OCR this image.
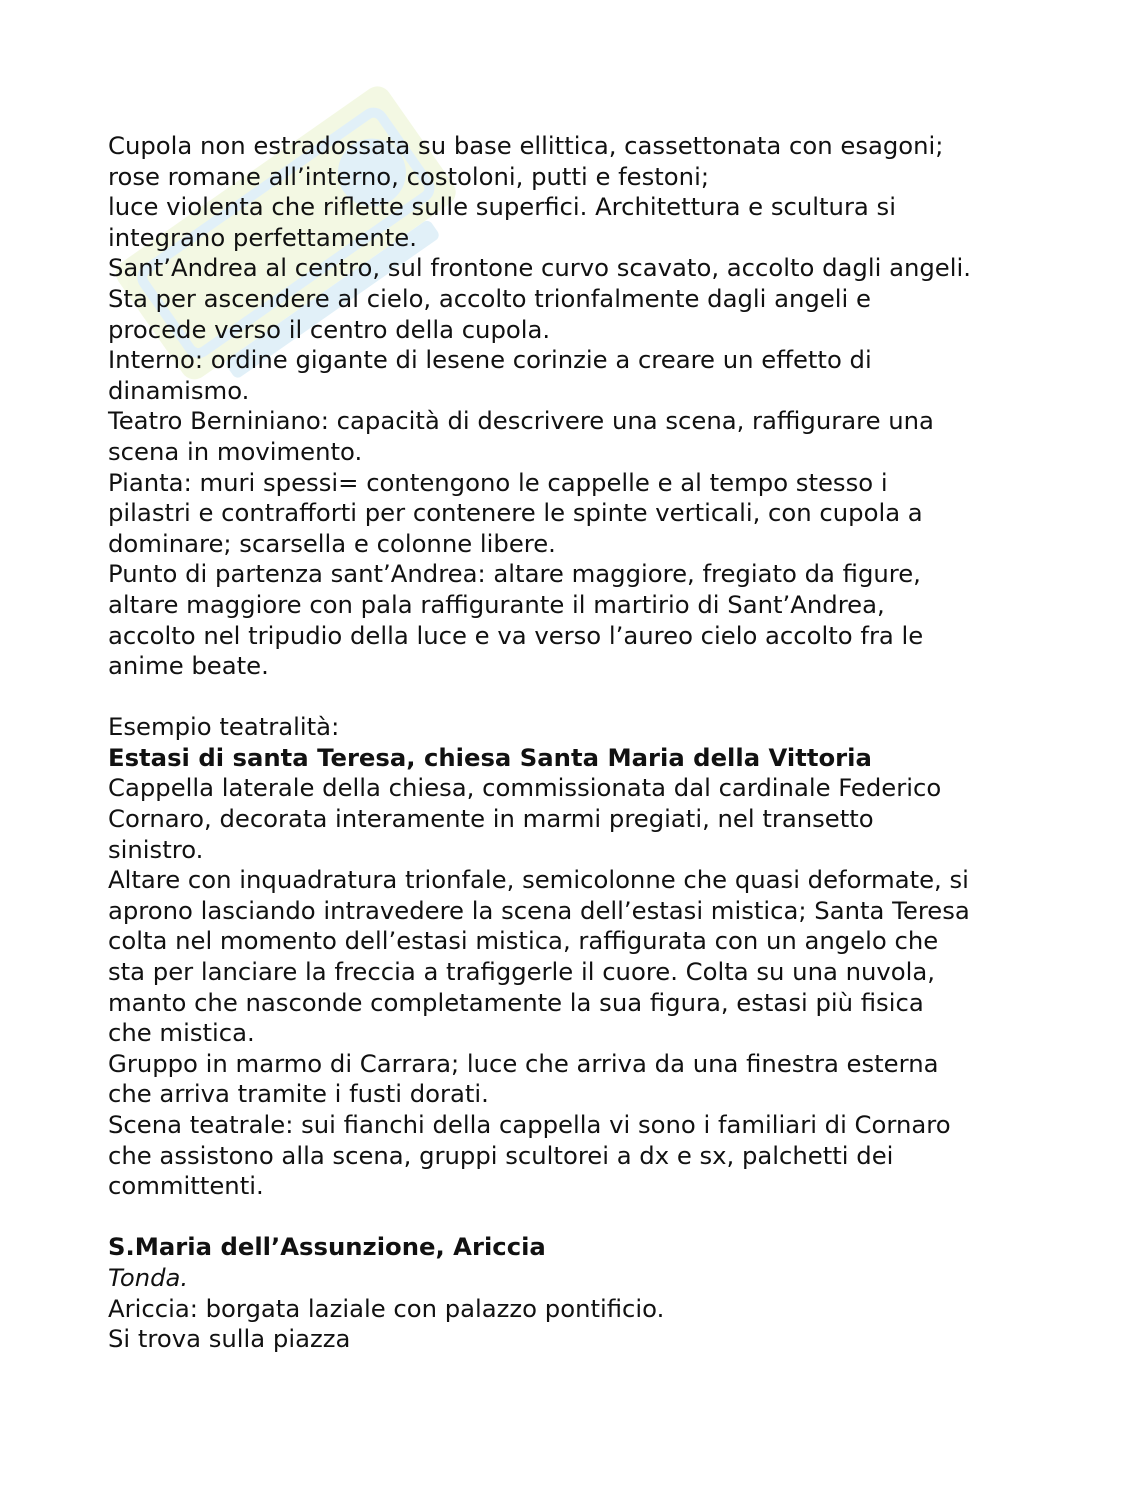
Cupola non estradossata su base ellittica, cassettonata con esagoni;
rose romane all’interno, costoloni, putti e festoni;
luce violenta che riflette sulle superfici. Architettura e scultura si
integrano perfettamente.
Sant’Andrea al centro, sul frontone curvo scavato, accolto dagli angeli.
Sta per ascendere al cielo, accolto trionfalmente dagli angeli e
procede verso il centro della cupola.
Interno: ordine gigante di lesene corinzie a creare un effetto di
dinamismo.
Teatro Berniniano: capacità di descrivere una scena, raffigurare una
scena in movimento.
Pianta: muri spessi= contengono le cappelle e al tempo stesso i
pilastri e contrafforti per contenere le spinte verticali, con cupola a
dominare; scarsella e colonne libere.
Punto di partenza sant’Andrea: altare maggiore, fregiato da figure,
altare maggiore con pala raffigurante il martirio di Sant’Andrea,
accolto nel tripudio della luce e va verso l’aureo cielo accolto fra le
anime beate.
Esempio teatralità:
Estasi di santa Teresa, chiesa Santa Maria della Vittoria
Cappella laterale della chiesa, commissionata dal cardinale Federico
Cornaro, decorata interamente in marmi pregiati, nel transetto
sinistro.
Altare con inquadratura trionfale, semicolonne che quasi deformate, si
aprono lasciando intravedere la scena dell’estasi mistica; Santa Teresa
colta nel momento dell’estasi mistica, raffigurata con un angelo che
sta per lanciare la freccia a trafiggerle il cuore. Colta su una nuvola,
manto che nasconde completamente la sua figura, estasi più fisica
che mistica.
Gruppo in marmo di Carrara; luce che arriva da una finestra esterna
che arriva tramite i fusti dorati.
Scena teatrale: sui fianchi della cappella vi sono i familiari di Cornaro
che assistono alla scena, gruppi scultorei a dx e sx, palchetti dei
committenti.
S.Maria dell’Assunzione, Ariccia
Tonda.
Ariccia: borgata laziale con palazzo pontificio.
Si trova sulla piazza
